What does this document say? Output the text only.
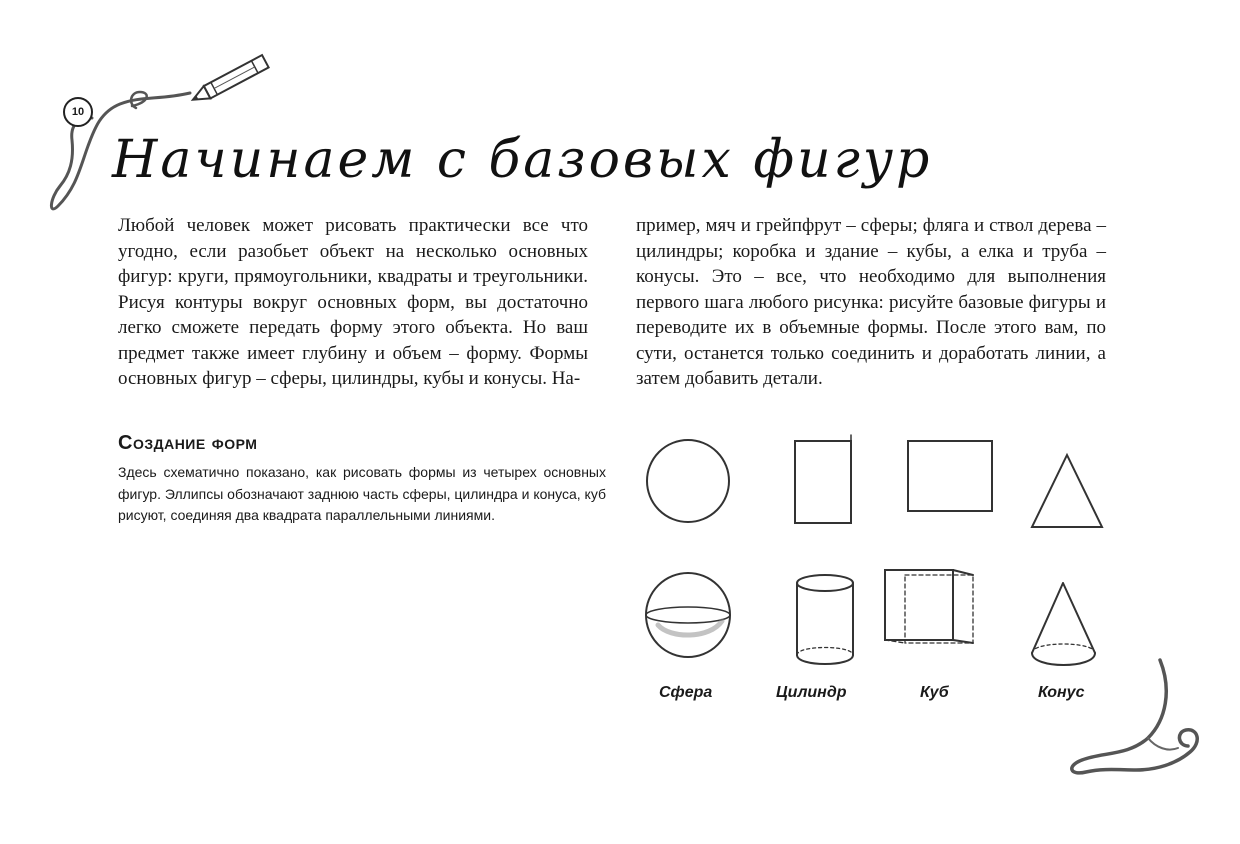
10
Начинаем с базовых фигур

Любой человек может рисовать практически все что угодно, если разобьет объект на несколько основных фигур: круги, прямоугольники, квадраты и треугольники. Рисуя контуры вокруг основных форм, вы достаточно легко сможете передать форму этого объекта. Но ваш предмет также имеет глубину и объем – форму. Формы основных фигур – сферы, цилиндры, кубы и конусы. На-

пример, мяч и грейпфрут – сферы; фляга и ствол дерева – цилиндры; коробка и здание – кубы, а елка и труба – конусы. Это – все, что необходимо для выполнения первого шага любого рисунка: рисуйте базовые фигуры и переводите их в объемные формы. После этого вам, по сути, останется только соединить и доработать линии, а затем добавить детали.

Создание форм
Здесь схематично показано, как рисовать формы из четырех основных фигур. Эллипсы обозначают заднюю часть сферы, цилиндра и конуса, куб рисуют, соединяя два квадрата параллельными линиями.
Сфера	Цилиндр	Куб	Конус
